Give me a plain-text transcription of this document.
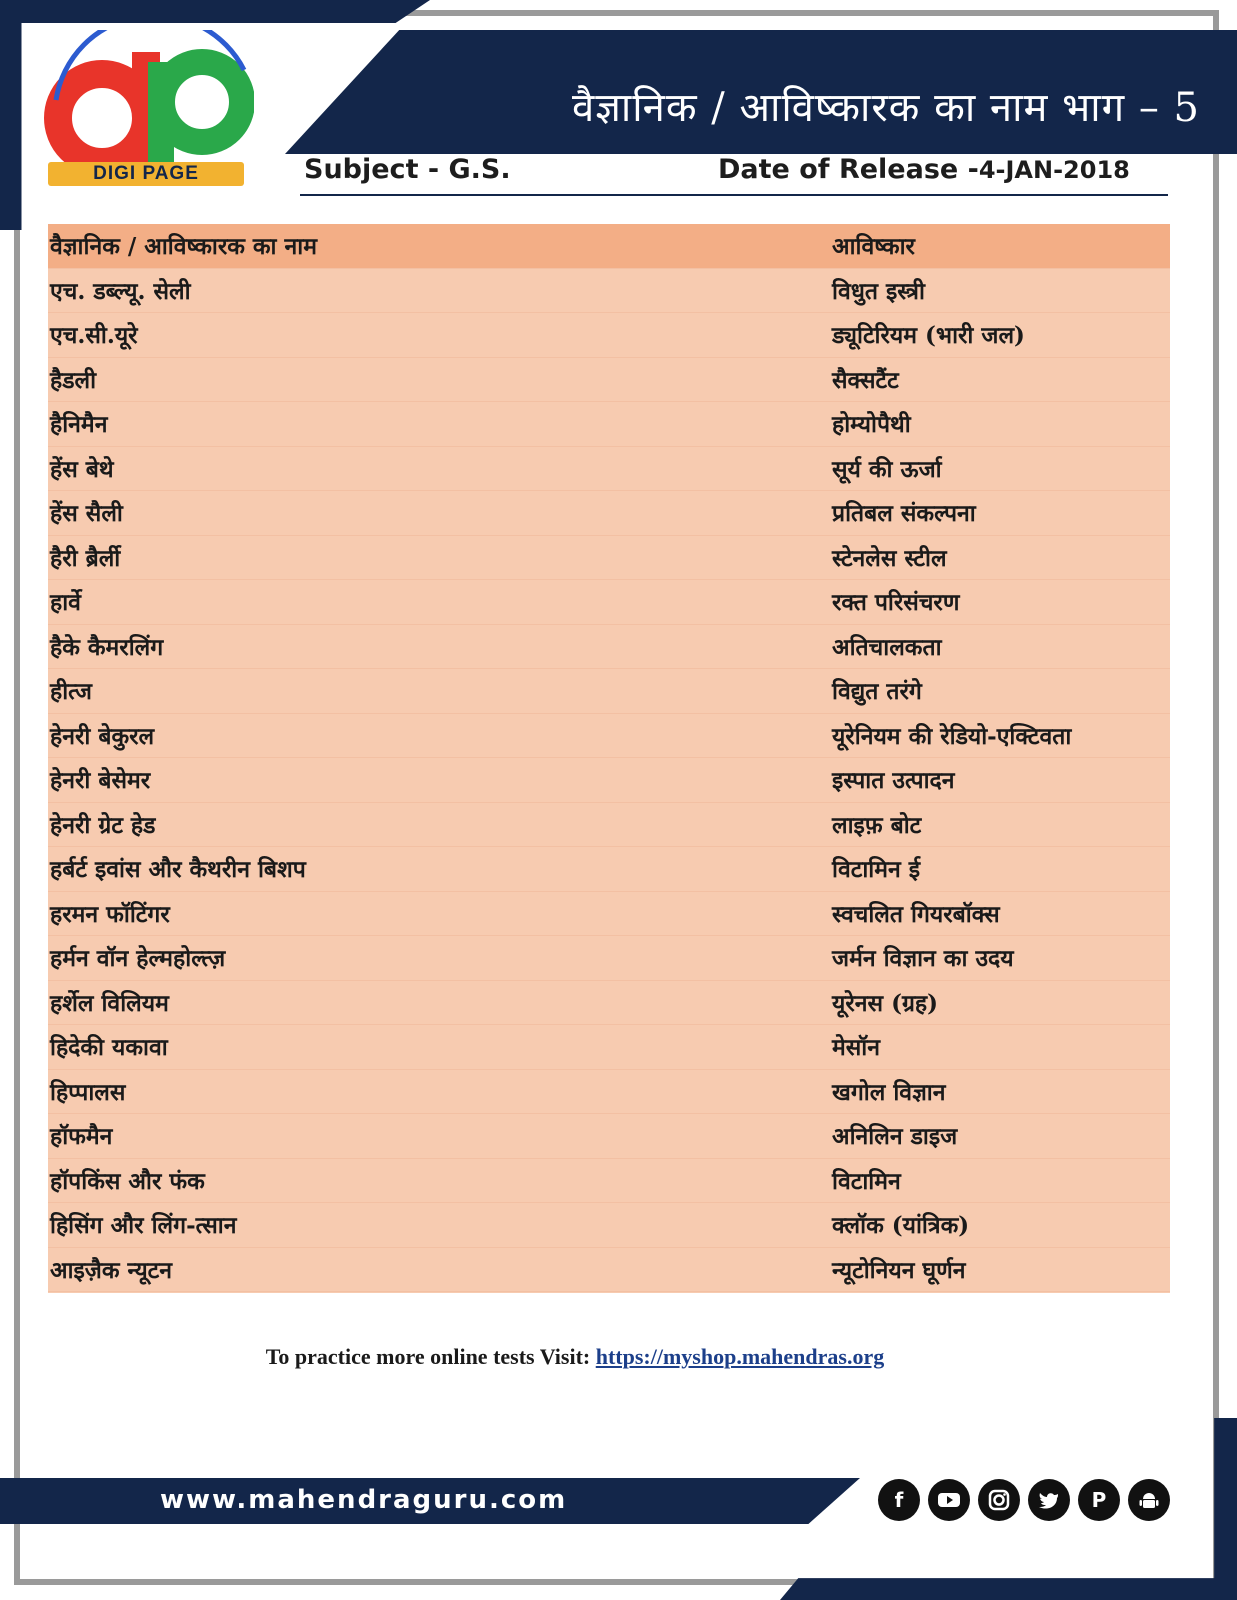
वैज्ञानिक / आविष्कारक का नाम भाग – 5
DIGI PAGE	Subject - G.S.	Date of Release -4-JAN-2018
वैज्ञानिक / आविष्कारक का नाम	आविष्कार
एच. डब्ल्यू. सेली	विधुत इस्त्री
एच.सी.यूरे	ड्यूटिरियम (भारी जल)
हैडली	सैक्सटैंट
हैनिमैन	होम्योपैथी
हेंस बेथे	सूर्य की ऊर्जा
हेंस सैली	प्रतिबल संकल्पना
हैरी ब्रैर्ली	स्टेनलेस स्टील
हार्वे	रक्त परिसंचरण
हैके कैमरलिंग	अतिचालकता
हीत्ज	विद्युत तरंगे
हेनरी बेकुरल	यूरेनियम की रेडियो-एक्टिवता
हेनरी बेसेमर	इस्पात उत्पादन
हेनरी ग्रेट हेड	लाइफ़ बोट
हर्बर्ट इवांस और कैथरीन बिशप	विटामिन ई
हरमन फॉटिंगर	स्वचलित गियरबॉक्स
हर्मन वॉन हेल्महोल्त्ज़	जर्मन विज्ञान का उदय
हर्शेल विलियम	यूरेनस (ग्रह)
हिदेकी यकावा	मेसॉन
हिप्पालस	खगोल विज्ञान
हॉफमैन	अनिलिन डाइज
हॉपकिंस और फंक	विटामिन
हिसिंग और लिंग-त्सान	क्लॉक (यांत्रिक)
आइज़ैक न्यूटन	न्यूटोनियन घूर्णन
To practice more online tests Visit: https://myshop.mahendras.org
www.mahendraguru.com	f	P
